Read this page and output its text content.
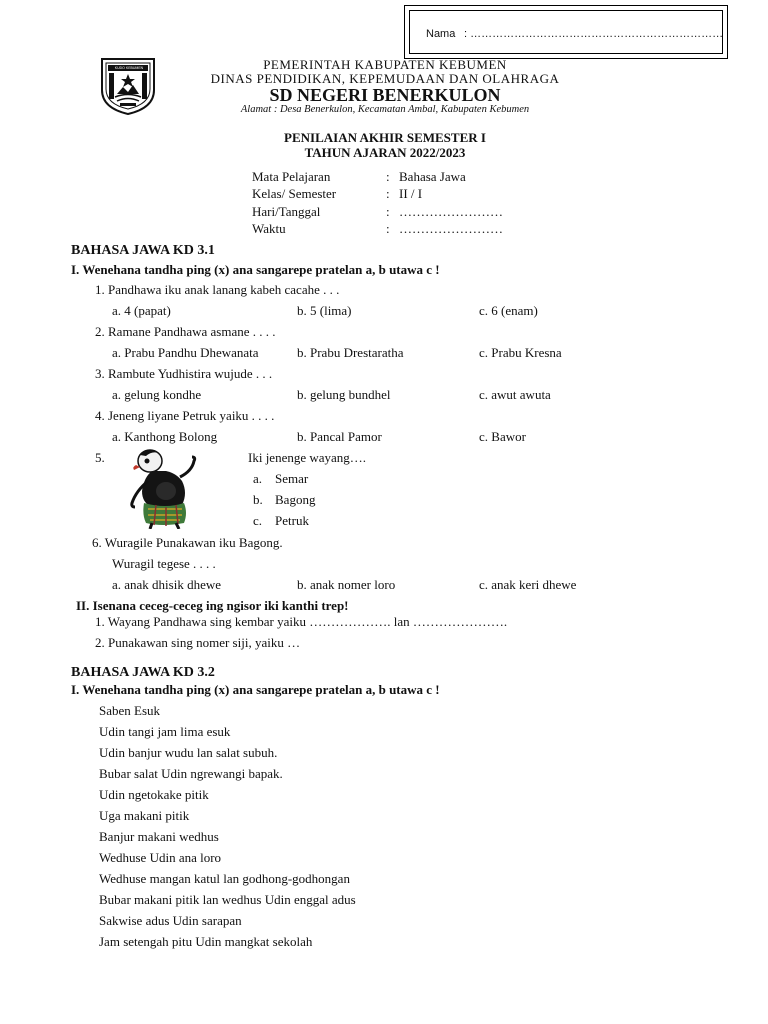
Nama : ……………………………………………………………
KUDO KEBUMEN	PEMERINTAH KABUPATEN KEBUMEN
DINAS PENDIDIKAN, KEPEMUDAAN DAN OLAHRAGA
SD NEGERI BENERKULON
Alamat : Desa Benerkulon, Kecamatan Ambal, Kabupaten Kebumen
PENILAIAN AKHIR SEMESTER I
TAHUN AJARAN 2022/2023
Mata Pelajaran	: Bahasa Jawa
Kelas/ Semester	: II / I
Hari/Tanggal	: ……………………
Waktu	: ……………………
BAHASA JAWA KD 3.1
I. Wenehana tandha ping (x) ana sangarepe pratelan a, b utawa c !
1. Pandhawa iku anak lanang kabeh cacahe . . .
a. 4 (papat)	b. 5 (lima)	c. 6 (enam)
2. Ramane Pandhawa asmane . . . .
a. Prabu Pandhu Dhewanata	b. Prabu Drestaratha	c. Prabu Kresna
3. Rambute Yudhistira wujude . . .
a. gelung kondhe	b. gelung bundhel	c. awut awuta
4. Jeneng liyane Petruk yaiku . . . .
a. Kanthong Bolong	b. Pancal Pamor	c. Bawor
5.	Iki jenenge wayang….
a. Semar
b. Bagong
c. Petruk
6. Wuragile Punakawan iku Bagong.
Wuragil tegese . . . .
a. anak dhisik dhewe	b. anak nomer loro	c. anak keri dhewe
II. Isenana ceceg-ceceg ing ngisor iki kanthi trep!
1. Wayang Pandhawa sing kembar yaiku ………………. lan ………………….
2. Punakawan sing nomer siji, yaiku …
BAHASA JAWA KD 3.2
I. Wenehana tandha ping (x) ana sangarepe pratelan a, b utawa c !
Saben Esuk
Udin tangi jam lima esuk
Udin banjur wudu lan salat subuh.
Bubar salat Udin ngrewangi bapak.
Udin ngetokake pitik
Uga makani pitik
Banjur makani wedhus
Wedhuse Udin ana loro
Wedhuse mangan katul lan godhong-godhongan
Bubar makani pitik lan wedhus Udin enggal adus
Sakwise adus Udin sarapan
Jam setengah pitu Udin mangkat sekolah
